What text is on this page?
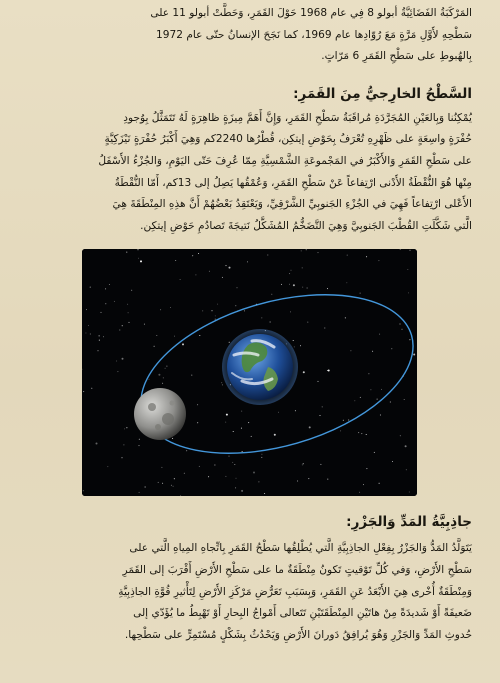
المَرْكَبَةُ الفَضَائِيَّةُ أبولو 8 فِي عام 1968 حَوْلَ القَمَرِ، وَحَطَّتْ أبولو 11 على
سَطْحِهِ لأَوَّلِ مَرَّةٍ مَعَ رُوّادِها عام 1969، كما نَجَحَ الإنسانُ حتّى عام 1972
بِالهُبوطِ على سَطْحِ القَمَرِ 6 مَرّاتٍ.
السَّطْحُ الخارِجيُّ مِنَ القَمَرِ:
يُمْكِنُنا وَبِالعَيْنِ المُجَرَّدَةِ مُراقَبَةُ سَطْحِ القَمَرِ، وَإِنَّ أَهَمَّ مِيزَةٍ ظاهِرَةٍ لَهُ تَتَمَثَّلُ بِوُجودِ
حُفْرَةٍ واسِعَةٍ على ظَهْرِهِ تُعْرَفُ بِحَوْضِ إيتكِن، قُطْرُها 2240كم وَهِيَ أَكْبَرُ حُفْرَةٍ نَيْزَكِيَّةٍ
على سَطْحِ القَمَرِ وَالأَكْبَرُ في المَجْموعَةِ الشَّمْسِيَّةِ مِمّا عُرِفَ حَتّى اليَوْمِ، وَالجُزْءُ الأَسْفَلُ
مِنْها هُوَ النُّقْطَةُ الأَدْنى ارْتِفاعاً عَنْ سَطْحِ القَمَرِ، وَعُمْقُها يَصِلُ إلى 13كم، أَمّا النُّقْطَةُ
الأَعْلى ارْتِفاعاً فَهِيَ في الجُزْءِ الجَنوبِيِّ الشَّرْقِيِّ، وَيَعْتَقِدُ بَعْضُهُمْ أَنَّ هذِهِ المِنْطَقَةَ هِيَ
الَّتي شَكَّلَتِ القُطْبَ الجَنوبِيَّ وَهِيَ التَّضَخُّمُ المُشَكَّلُ نَتيجَةَ تَصادُمِ حَوْضِ إيتكِن.
جاذِبِيَّةُ المَدِّ وَالجَزْرِ:
يَتَوَلَّدُ المَدُّ وَالجَزْرُ بِفِعْلِ الجاذِبِيَّةِ الَّتي يُطْلِقُها سَطْحُ القَمَرِ بِاتِّجاهِ المِياهِ الَّتي على
سَطْحِ الأَرْضِ، وَفي كُلِّ تَوْقيتٍ تَكونُ مِنْطَقَةٌ ما على سَطْحِ الأَرْضِ أَقْرَبَ إلى القَمَرِ
وَمِنْطَقَةٌ أُخْرى هِيَ الأَبْعَدُ عَنِ القَمَرِ، وَبِسَبَبِ تَعَرُّضِ مَرْكَزِ الأَرْضِ لِتَأْثيرِ قُوَّةِ الجاذِبِيَّةِ
ضَعيفَةً أَوْ شَديدَةً مِنْ هاتَيْنِ المِنْطَقَتَيْنِ تَتَعالى أَمْواجُ البِحارِ أَوْ تَهْبِطُ ما يُؤَدّي إلى
حُدوثِ المَدِّ وَالجَزْرِ وَهُوَ يُرافِقُ دَورانَ الأَرْضِ وَيَحْدُثُ بِشَكْلٍ مُسْتَمِرٍّ على سَطْحِها.
